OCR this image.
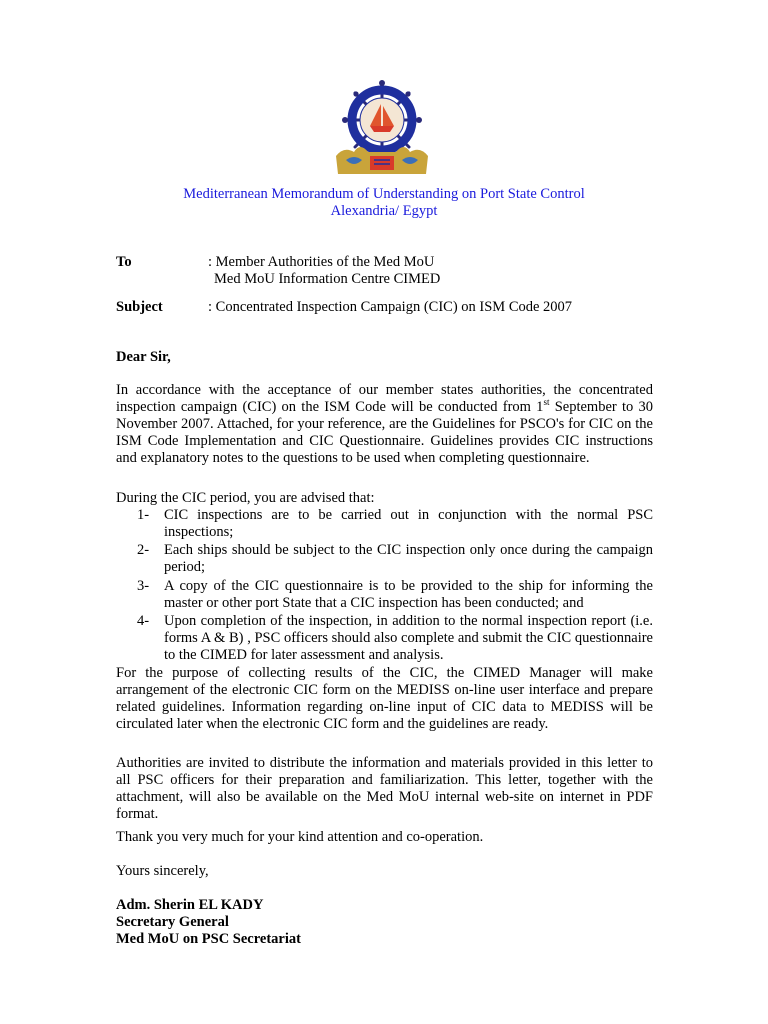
Mediterranean Memorandum of Understanding on Port State Control
Alexandria/ Egypt
To	: Member Authorities of the Med MoU
Med MoU Information Centre CIMED
Subject	: Concentrated Inspection Campaign (CIC) on ISM Code 2007
Dear Sir,
In accordance with the acceptance of our member states authorities, the concentrated inspection campaign (CIC) on the ISM Code will be conducted from 1st September to 30 November 2007. Attached, for your reference, are the Guidelines for PSCO's for CIC on the ISM Code Implementation and CIC Questionnaire. Guidelines provides CIC instructions and explanatory notes to the questions to be used when completing questionnaire.
During the CIC period, you are advised that:
1- CIC inspections are to be carried out in conjunction with the normal PSC inspections;
2- Each ships should be subject to the CIC inspection only once during the campaign period;
3- A copy of the CIC questionnaire is to be provided to the ship for informing the master or other port State that a CIC inspection has been conducted; and
4- Upon completion of the inspection, in addition to the normal inspection report (i.e. forms A & B) , PSC officers should also complete and submit the CIC questionnaire to the CIMED for later assessment and analysis.
For the purpose of collecting results of the CIC, the CIMED Manager will make arrangement of the electronic CIC form on the MEDISS on-line user interface and prepare related guidelines. Information regarding on-line input of CIC data to MEDISS will be circulated later when the electronic CIC form and the guidelines are ready.
Authorities are invited to distribute the information and materials provided in this letter to all PSC officers for their preparation and familiarization. This letter, together with the attachment, will also be available on the Med MoU internal web-site on internet in PDF format.
Thank you very much for your kind attention and co-operation.
Yours sincerely,
Adm. Sherin EL KADY
Secretary General
Med MoU on PSC Secretariat
